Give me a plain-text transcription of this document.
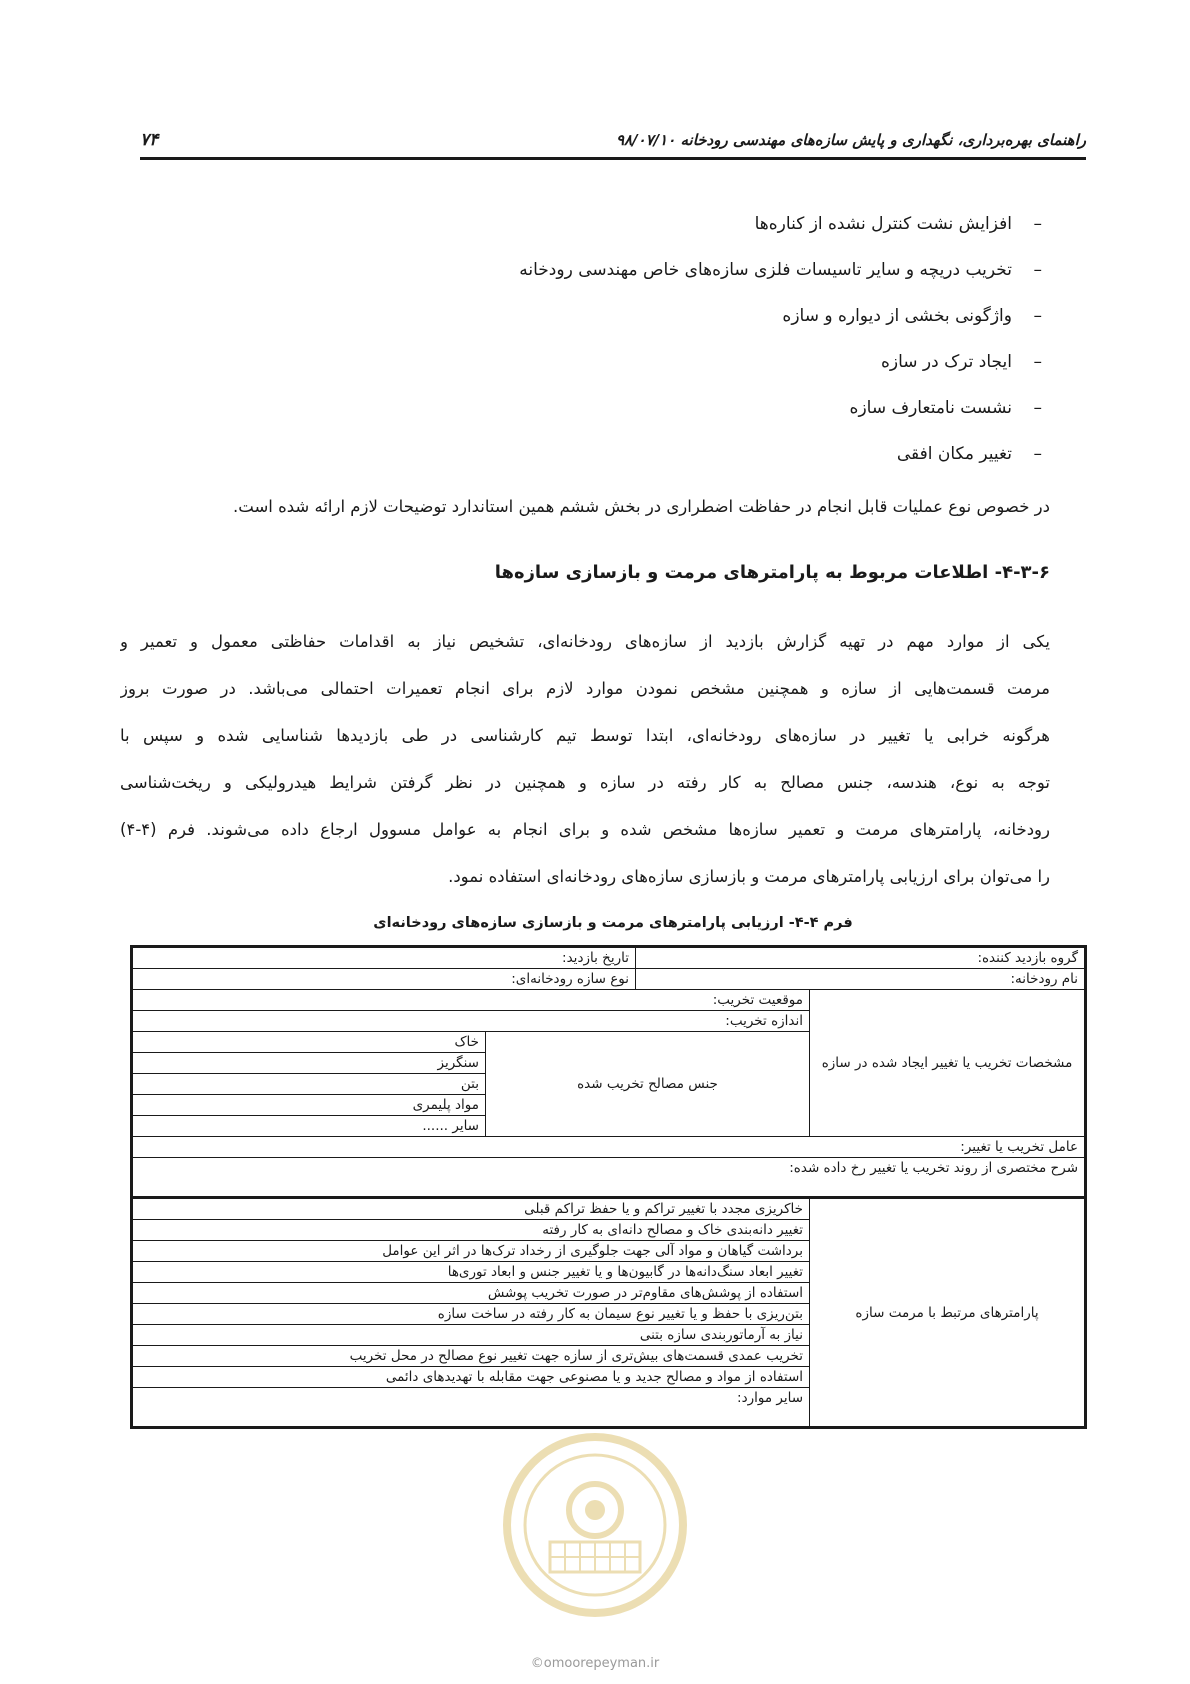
۷۴	راهنمای بهره‌برداری، نگهداری و پایش سازه‌های مهندسی رودخانه ۹۸/۰۷/۱۰
–
افزایش نشت کنترل نشده از کناره‌ها
–
تخریب دریچه و سایر تاسیسات فلزی سازه‌های خاص مهندسی رودخانه
–
واژگونی بخشی از دیواره و سازه
–
ایجاد ترک در سازه
–
نشست نامتعارف سازه
–
تغییر مکان افقی

در خصوص نوع عملیات قابل انجام در حفاظت اضطراری در بخش ششم همین استاندارد توضیحات لازم ارائه شده است.

۴-۳-۶- اطلاعات مربوط به پارامترهای مرمت و بازسازی سازه‌ها

یکی از موارد مهم در تهیه گزارش بازدید از سازه‌های رودخانه‌ای، تشخیص نیاز به اقدامات حفاظتی معمول و تعمیر و
مرمت قسمت‌هایی از سازه و همچنین مشخص نمودن موارد لازم برای انجام تعمیرات احتمالی می‌باشد. در صورت بروز
هرگونه خرابی یا تغییر در سازه‌های رودخانه‌ای، ابتدا توسط تیم کارشناسی در طی بازدیدها شناسایی شده و سپس با
توجه به نوع، هندسه، جنس مصالح به کار رفته در سازه و همچنین در نظر گرفتن شرایط هیدرولیکی و ریخت‌شناسی
رودخانه، پارامترهای مرمت و تعمیر سازه‌ها مشخص شده و برای انجام به عوامل مسوول ارجاع داده می‌شوند. فرم (۴-۴)
را می‌توان برای ارزیابی پارامترهای مرمت و بازسازی سازه‌های رودخانه‌ای استفاده نمود.

فرم ۴-۴- ارزیابی پارامترهای مرمت و بازسازی سازه‌های رودخانه‌ای

گروه بازدید کننده:		تاریخ بازدید:	
نام رودخانه:		نوع سازه رودخانه‌ای:	
مشخصات تخریب یا تغییر ایجاد شده در سازه	موقعیت تخریب:		
	اندازه تخریب:		
	جنس مصالح تخریب شده		خاک
			سنگریز
			بتن
			مواد پلیمری
			سایر ......
عامل تخریب یا تغییر:			
شرح مختصری از روند تخریب یا تغییر رخ داده شده:			
پارامترهای مرتبط با مرمت سازه	خاکریزی مجدد با تغییر تراکم و یا حفظ تراکم قبلی		
	تغییر دانه‌بندی خاک و مصالح دانه‌ای به کار رفته		
	برداشت گیاهان و مواد آلی جهت جلوگیری از رخداد ترک‌ها در اثر این عوامل		
	تغییر ابعاد سنگ‌دانه‌ها در گابیون‌ها و یا تغییر جنس و ابعاد توری‌ها		
	استفاده از پوشش‌های مقاوم‌تر در صورت تخریب پوشش		
	بتن‌ریزی با حفظ و یا تغییر نوع سیمان به کار رفته در ساخت سازه		
	نیاز به آرماتوربندی سازه بتنی		
	تخریب عمدی قسمت‌های بیش‌تری از سازه جهت تغییر نوع مصالح در محل تخریب		
	استفاده از مواد و مصالح جدید و یا مصنوعی جهت مقابله با تهدیدهای دائمی		
	سایر موارد:		
©omoorepeyman.ir
